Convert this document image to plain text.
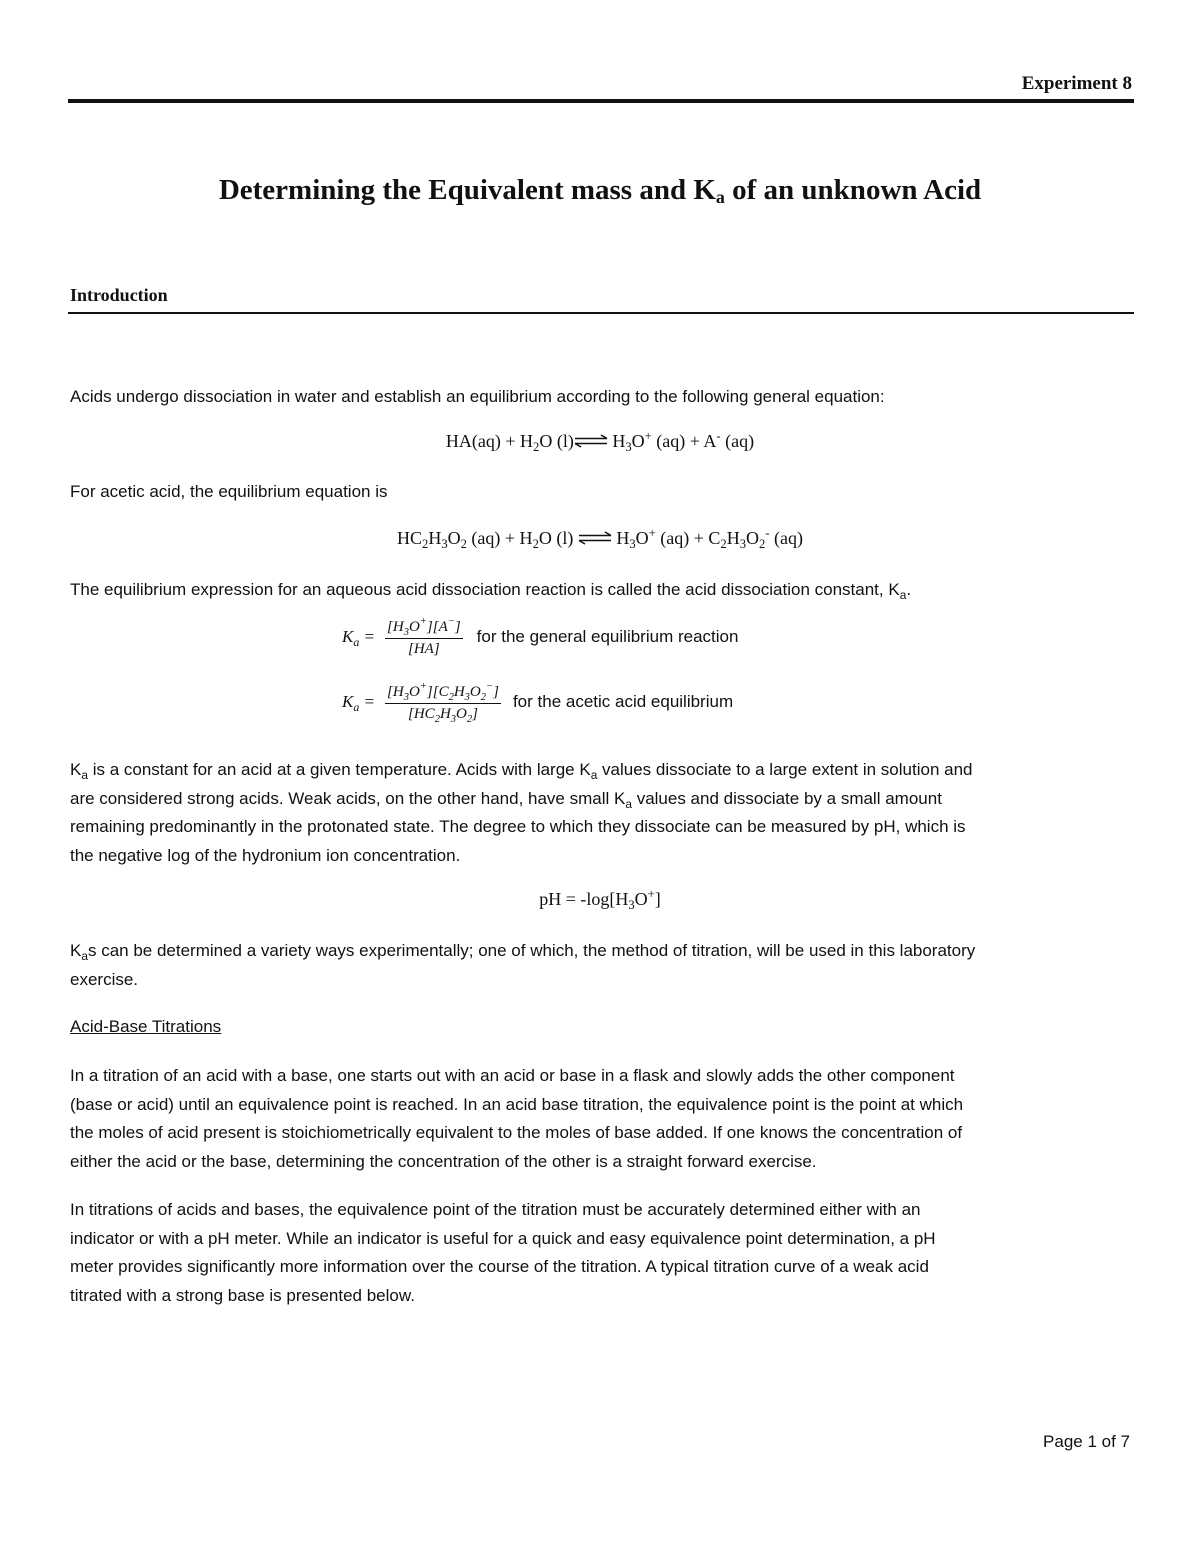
Experiment 8
Determining the Equivalent mass and $K_a$ of an unknown Acid
Introduction
Acids undergo dissociation in water and establish an equilibrium according to the following general equation:
$HA(aq) + H_2O$ (l)⇌ $H_3O^+$ (aq) + A- (aq)
For acetic acid, the equilibrium equation is
$HC_2H_3O_2$ $(aq) + H_2O$ (l) ⇌ $H_3O^+$ $(aq) + C_2H_3O_2^-$ (aq)
The equilibrium expression for an aqueous acid dissociation reaction is called the acid dissociation constant, $K_a$.
$K_a = \frac{[H_3O^+][A^-]}{[HA]}$ for the general equilibrium reaction
$K_a = \frac{[H_3O^+][C_2H_3O_2^-]}{[HC_2H_3O_2]}$ for the acetic acid equilibrium
$K_a$ is a constant for an acid at a given temperature. Acids with large $K_a$ values dissociate to a large extent in solution and
are considered strong acids. Weak acids, on the other hand, have small $K_a$ values and dissociate by a small amount
remaining predominantly in the protonated state. The degree to which they dissociate can be measured by pH, which is
the negative log of the hydronium ion concentration.
pH = $-\log[H_3O^+]$
$K_as$ can be determined a variety ways experimentally; one of which, the method of titration, will be used in this laboratory
exercise.
Acid-Base Titrations
In a titration of an acid with a base, one starts out with an acid or base in a flask and slowly adds the other component
(base or acid) until an equivalence point is reached. In an acid base titration, the equivalence point is the point at which
the moles of acid present is stoichiometrically equivalent to the moles of base added. If one knows the concentration of
either the acid or the base, determining the concentration of the other is a straight forward exercise.
In titrations of acids and bases, the equivalence point of the titration must be accurately determined either with an
indicator or with a pH meter. While an indicator is useful for a quick and easy equivalence point determination, a pH
meter provides significantly more information over the course of the titration. A typical titration curve of a weak acid
titrated with a strong base is presented below.
Page 1 of 7
